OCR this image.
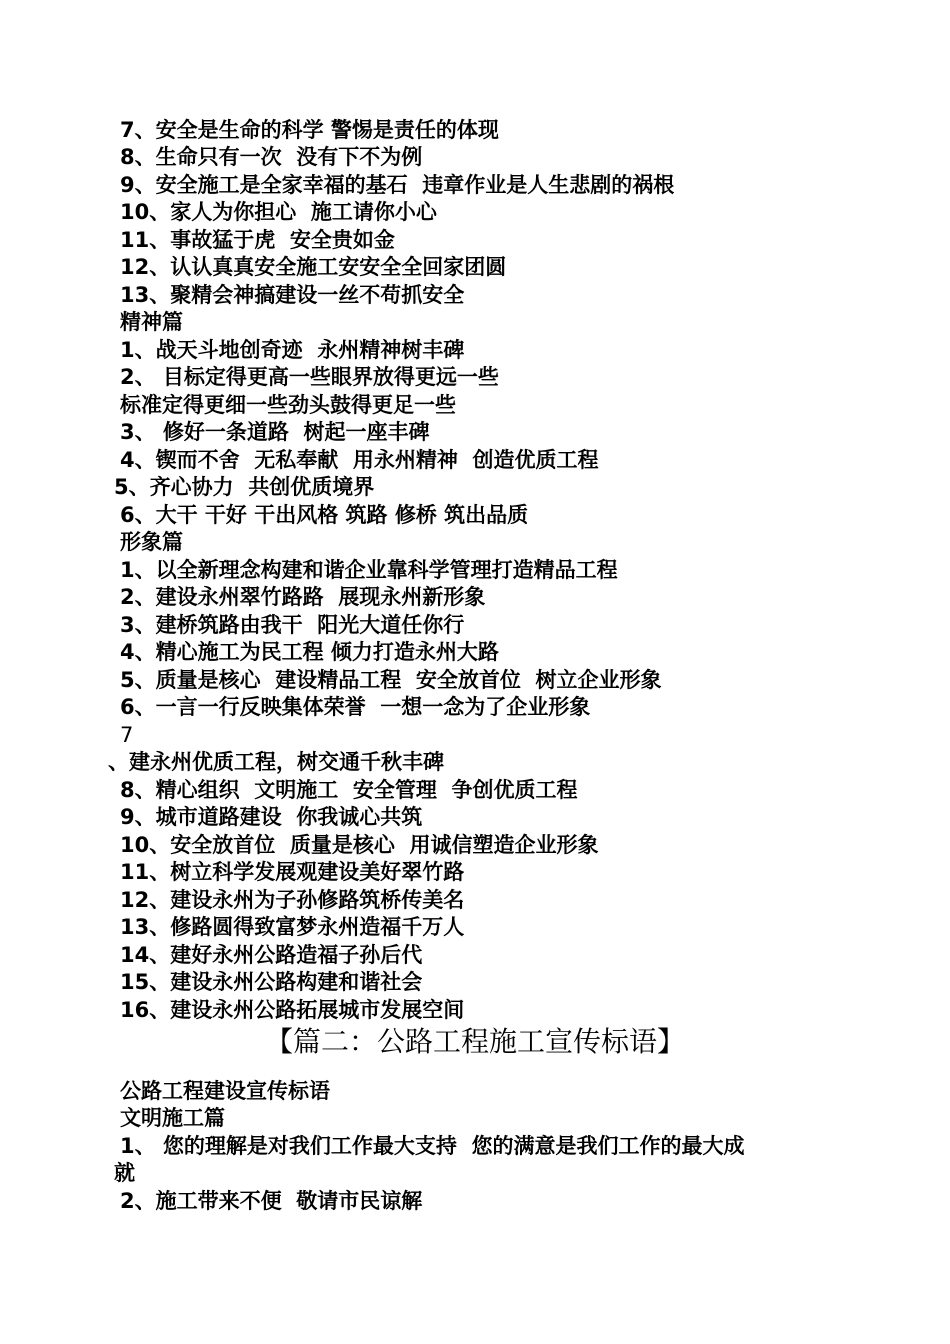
7、安全是生命的科学 警惕是责任的体现
8、生命只有一次  没有下不为例
9、安全施工是全家幸福的基石  违章作业是人生悲剧的祸根
10、家人为你担心  施工请你小心
11、事故猛于虎  安全贵如金
12、认认真真安全施工安安全全回家团圆
13、聚精会神搞建设一丝不苟抓安全
精神篇
1、战天斗地创奇迹  永州精神树丰碑
2、 目标定得更高一些眼界放得更远一些
标准定得更细一些劲头鼓得更足一些
3、 修好一条道路  树起一座丰碑
4、锲而不舍  无私奉献  用永州精神  创造优质工程
5、齐心协力  共创优质境界
6、大干 干好 干出风格 筑路 修桥 筑出品质
形象篇
1、以全新理念构建和谐企业靠科学管理打造精品工程
2、建设永州翠竹路路  展现永州新形象
3、建桥筑路由我干  阳光大道任你行
4、精心施工为民工程 倾力打造永州大路
5、质量是核心  建设精品工程  安全放首位  树立企业形象
6、一言一行反映集体荣誉  一想一念为了企业形象
7
、建永州优质工程，树交通千秋丰碑
8、精心组织  文明施工  安全管理  争创优质工程
9、城市道路建设  你我诚心共筑
10、安全放首位  质量是核心  用诚信塑造企业形象
11、树立科学发展观建设美好翠竹路
12、建设永州为子孙修路筑桥传美名
13、修路圆得致富梦永州造福千万人
14、建好永州公路造福子孙后代
15、建设永州公路构建和谐社会
16、建设永州公路拓展城市发展空间
【篇二：公路工程施工宣传标语】
公路工程建设宣传标语
文明施工篇
1、 您的理解是对我们工作最大支持  您的满意是我们工作的最大成
就
2、施工带来不便  敬请市民谅解
